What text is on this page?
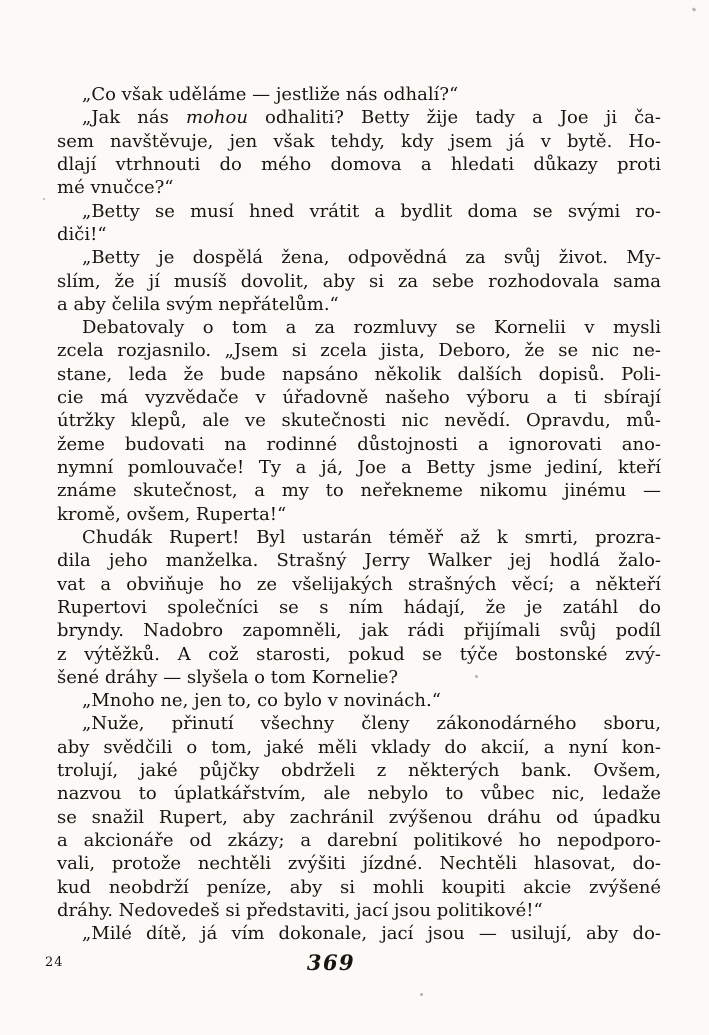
„Co však uděláme — jestliže nás odhalí?“
„Jak nás mohou odhaliti? Betty žije tady a Joe ji ča-
sem navštěvuje, jen však tehdy, kdy jsem já v bytě. Ho-
dlají vtrhnouti do mého domova a hledati důkazy proti
mé vnučce?“
„Betty se musí hned vrátit a bydlit doma se svými ro-
diči!“
„Betty je dospělá žena, odpovědná za svůj život. My-
slím, že jí musíš dovolit, aby si za sebe rozhodovala sama
a aby čelila svým nepřátelům.“
Debatovaly o tom a za rozmluvy se Kornelii v mysli
zcela rozjasnilo. „Jsem si zcela jista, Deboro, že se nic ne-
stane, leda že bude napsáno několik dalších dopisů. Poli-
cie má vyzvědače v úřadovně našeho výboru a ti sbírají
útržky klepů, ale ve skutečnosti nic nevědí. Opravdu, mů-
žeme budovati na rodinné důstojnosti a ignorovati ano-
nymní pomlouvače! Ty a já, Joe a Betty jsme jediní, kteří
známe skutečnost, a my to neřekneme nikomu jinému —
kromě, ovšem, Ruperta!“
Chudák Rupert! Byl ustarán téměř až k smrti, prozra-
dila jeho manželka. Strašný Jerry Walker jej hodlá žalo-
vat a obviňuje ho ze všelijakých strašných věcí; a někteří
Rupertovi společníci se s ním hádají, že je zatáhl do
bryndy. Nadobro zapomněli, jak rádi přijímali svůj podíl
z výtěžků. A což starosti, pokud se týče bostonské zvý-
šené dráhy — slyšela o tom Kornelie?
„Mnoho ne, jen to, co bylo v novinách.“
„Nuže, přinutí všechny členy zákonodárného sboru,
aby svědčili o tom, jaké měli vklady do akcií, a nyní kon-
trolují, jaké půjčky obdrželi z některých bank. Ovšem,
nazvou to úplatkářstvím, ale nebylo to vůbec nic, ledaže
se snažil Rupert, aby zachránil zvýšenou dráhu od úpadku
a akcionáře od zkázy; a darební politikové ho nepodporo-
vali, protože nechtěli zvýšiti jízdné. Nechtěli hlasovat, do-
kud neobdrží peníze, aby si mohli koupiti akcie zvýšené
dráhy. Nedovedeš si představiti, jací jsou politikové!“
„Milé dítě, já vím dokonale, jací jsou — usilují, aby do-
24	369
